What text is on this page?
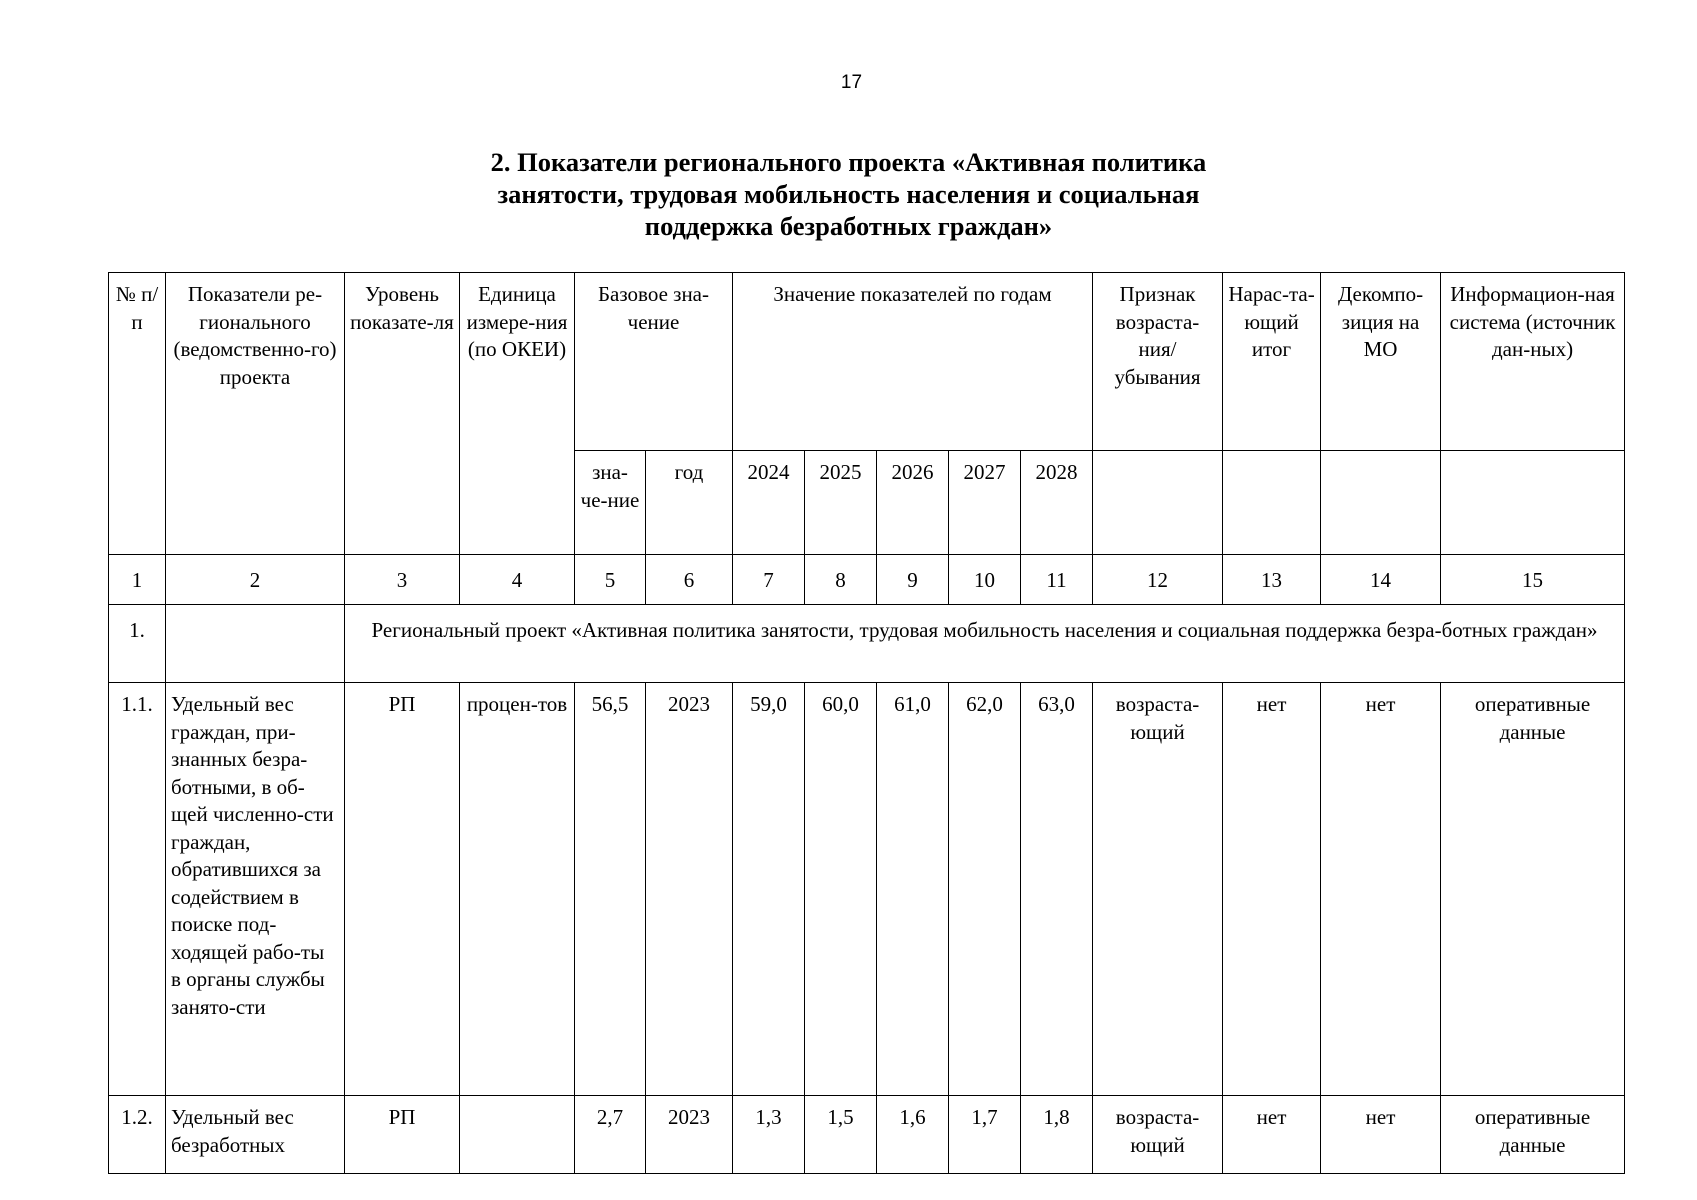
17
2. Показатели регионального проекта «Активная политика
занятости, трудовая мобильность населения и социальная
поддержка безработных граждан»
№ п/п	Показатели ре-гионального (ведомственно-го) проекта	Уровень показате-ля	Единица измере-ния (по ОКЕИ)	Базовое зна-чение		Значение показателей по годам					Признак возраста-ния/ убывания	Нарас-та-ющий итог	Декомпо-зиция на МО	Информацион-ная система (источник дан-ных)
				зна-че-ние	год	2024	2025	2026	2027	2028				
1	2	3	4	5	6	7	8	9	10	11	12	13	14	15
1.		Региональный проект «Активная политика занятости, трудовая мобильность населения и социальная поддержка безра-ботных граждан»												
1.1.	Удельный вес граждан, при-знанных безра-ботными, в об-щей численно-сти граждан, обратившихся за содействием в поиске под-ходящей рабо-ты в органы службы занято-сти	РП	процен-тов	56,5	2023	59,0	60,0	61,0	62,0	63,0	возраста-ющий	нет	нет	оперативные данные
1.2.	Удельный вес безработных	РП		2,7	2023	1,3	1,5	1,6	1,7	1,8	возраста-ющий	нет	нет	оперативные данные
